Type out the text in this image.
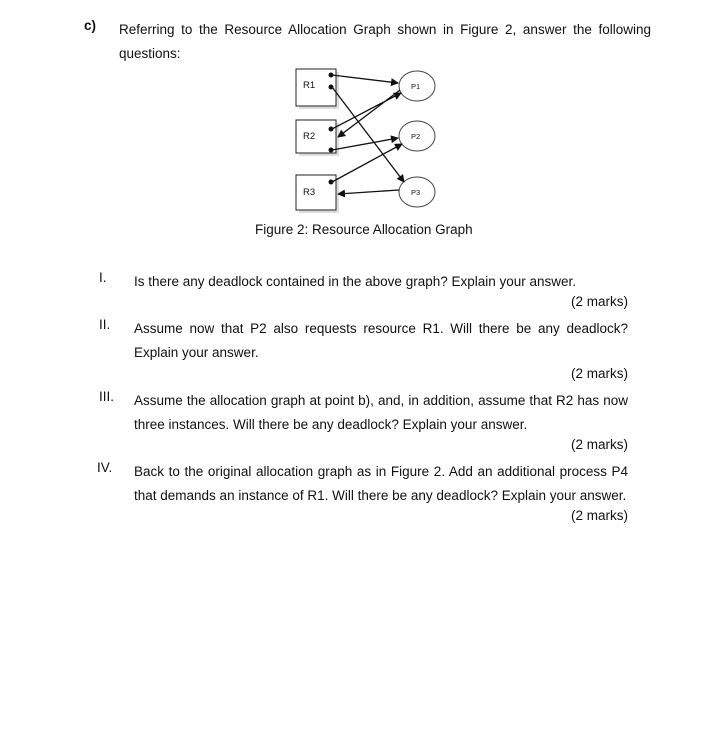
c) Referring to the Resource Allocation Graph shown in Figure 2, answer the following questions:
R1
R2
R3
P1
P2
P3
Figure 2: Resource Allocation Graph
I. Is there any deadlock contained in the above graph? Explain your answer.
(2 marks)
II. Assume now that P2 also requests resource R1. Will there be any deadlock? Explain your answer.
(2 marks)
III. Assume the allocation graph at point b), and, in addition, assume that R2 has now three instances. Will there be any deadlock? Explain your answer.
(2 marks)
IV. Back to the original allocation graph as in Figure 2. Add an additional process P4 that demands an instance of R1. Will there be any deadlock? Explain your answer.
(2 marks)
